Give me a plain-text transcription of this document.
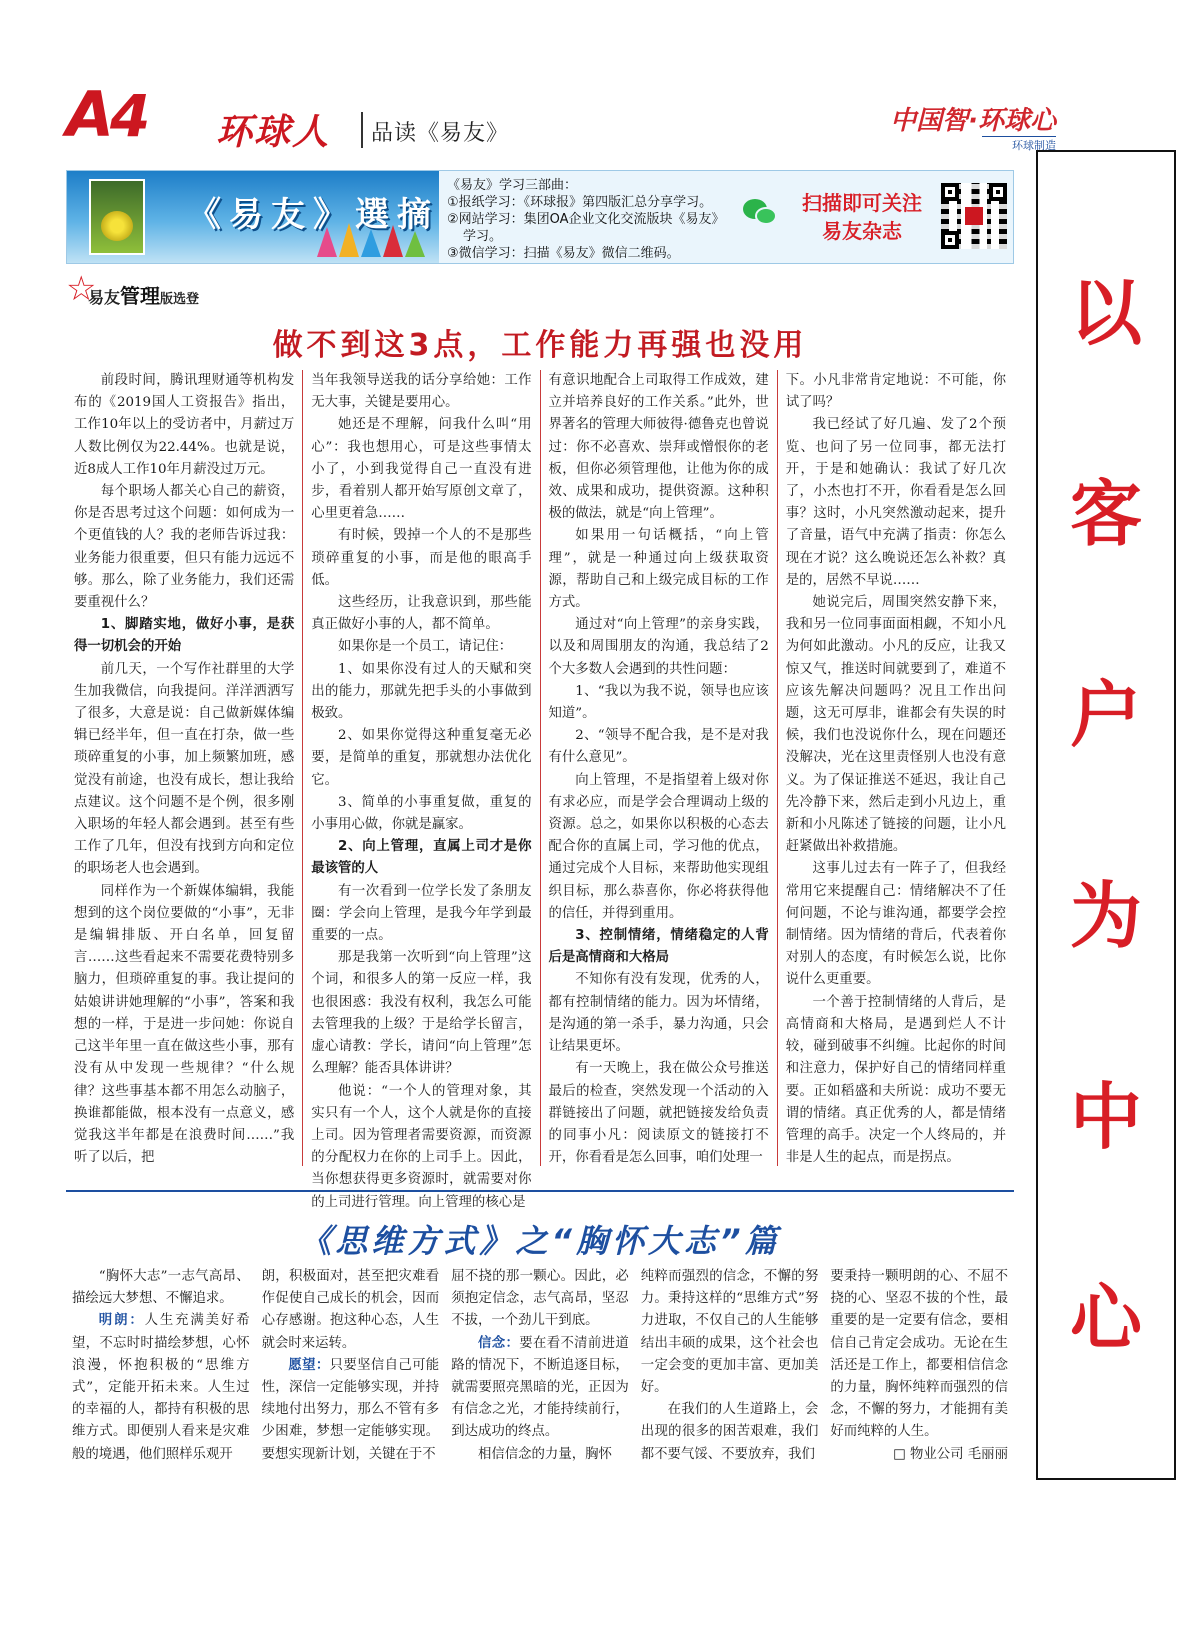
A4 环球人 品读《易友》	中国智·环球心
环球制造
以
客
户
为
中
心
《易友》選摘
《易友》学习三部曲：
①报纸学习：《环球报》第四版汇总分享学习。
②网站学习：集团OA企业文化交流版块《易友》
学习。
③微信学习：扫描《易友》微信二维码。
扫描即可关注
易友杂志
☆
易友管理版选登
做不到这3点，工作能力再强也没用

前段时间，腾讯理财通等机构发布的《2019国人工资报告》指出，工作10年以上的受访者中，月薪过万人数比例仅为22.44%。也就是说，近8成人工作10年月薪没过万元。

每个职场人都关心自己的薪资，你是否思考过这个问题：如何成为一个更值钱的人？我的老师告诉过我：业务能力很重要，但只有能力远远不够。那么，除了业务能力，我们还需要重视什么？

1、脚踏实地，做好小事，是获得一切机会的开始

前几天，一个写作社群里的大学生加我微信，向我提问。洋洋洒洒写了很多，大意是说：自己做新媒体编辑已经半年，但一直在打杂，做一些琐碎重复的小事，加上频繁加班，感觉没有前途，也没有成长，想让我给点建议。这个问题不是个例，很多刚入职场的年轻人都会遇到。甚至有些工作了几年，但没有找到方向和定位的职场老人也会遇到。

同样作为一个新媒体编辑，我能想到的这个岗位要做的“小事”，无非是编辑排版、开白名单，回复留言……这些看起来不需要花费特别多脑力，但琐碎重复的事。我让提问的姑娘讲讲她理解的“小事”，答案和我想的一样，于是进一步问她：你说自己这半年里一直在做这些小事，那有没有从中发现一些规律？“什么规律？这些事基本都不用怎么动脑子，换谁都能做，根本没有一点意义，感觉我这半年都是在浪费时间……”我听了以后，把

当年我领导送我的话分享给她：工作无大事，关键是要用心。

她还是不理解，问我什么叫“用心”：我也想用心，可是这些事情太小了，小到我觉得自己一直没有进步，看着别人都开始写原创文章了，心里更着急……

有时候，毁掉一个人的不是那些琐碎重复的小事，而是他的眼高手低。

这些经历，让我意识到，那些能真正做好小事的人，都不简单。

如果你是一个员工，请记住：

1、如果你没有过人的天赋和突出的能力，那就先把手头的小事做到极致。

2、如果你觉得这种重复毫无必要，是简单的重复，那就想办法优化它。

3、简单的小事重复做，重复的小事用心做，你就是赢家。

2、向上管理，直属上司才是你最该管的人

有一次看到一位学长发了条朋友圈：学会向上管理，是我今年学到最重要的一点。

那是我第一次听到“向上管理”这个词，和很多人的第一反应一样，我也很困惑：我没有权利，我怎么可能去管理我的上级？于是给学长留言，虚心请教：学长，请问“向上管理”怎么理解？能否具体讲讲？

他说：“一个人的管理对象，其实只有一个人，这个人就是你的直接上司。因为管理者需要资源，而资源的分配权力在你的上司手上。因此，当你想获得更多资源时，就需要对你的上司进行管理。向上管理的核心是

有意识地配合上司取得工作成效，建立并培养良好的工作关系。”此外，世界著名的管理大师彼得·德鲁克也曾说过：你不必喜欢、崇拜或憎恨你的老板，但你必须管理他，让他为你的成效、成果和成功，提供资源。这种积极的做法，就是“向上管理”。

如果用一句话概括，“向上管理”，就是一种通过向上级获取资源，帮助自己和上级完成目标的工作方式。

通过对“向上管理”的亲身实践，以及和周围朋友的沟通，我总结了2个大多数人会遇到的共性问题：

1、“我以为我不说，领导也应该知道”。

2、“领导不配合我，是不是对我有什么意见”。

向上管理，不是指望着上级对你有求必应，而是学会合理调动上级的资源。总之，如果你以积极的心态去配合你的直属上司，学习他的优点，通过完成个人目标，来帮助他实现组织目标，那么恭喜你，你必将获得他的信任，并得到重用。

3、控制情绪，情绪稳定的人背后是高情商和大格局

不知你有没有发现，优秀的人，都有控制情绪的能力。因为坏情绪，是沟通的第一杀手，暴力沟通，只会让结果更坏。

有一天晚上，我在做公众号推送最后的检查，突然发现一个活动的入群链接出了问题，就把链接发给负责的同事小凡：阅读原文的链接打不开，你看看是怎么回事，咱们处理一

下。小凡非常肯定地说：不可能，你试了吗？

我已经试了好几遍、发了2个预览、也问了另一位同事，都无法打开，于是和她确认：我试了好几次了，小杰也打不开，你看看是怎么回事？这时，小凡突然激动起来，提升了音量，语气中充满了指责：你怎么现在才说？这么晚说还怎么补救？真是的，居然不早说……

她说完后，周围突然安静下来，我和另一位同事面面相觑，不知小凡为何如此激动。小凡的反应，让我又惊又气，推送时间就要到了，难道不应该先解决问题吗？况且工作出问题，这无可厚非，谁都会有失误的时候，我们也没说你什么，现在问题还没解决，光在这里责怪别人也没有意义。为了保证推送不延迟，我让自己先冷静下来，然后走到小凡边上，重新和小凡陈述了链接的问题，让小凡赶紧做出补救措施。

这事儿过去有一阵子了，但我经常用它来提醒自己：情绪解决不了任何问题，不论与谁沟通，都要学会控制情绪。因为情绪的背后，代表着你对别人的态度，有时候怎么说，比你说什么更重要。

一个善于控制情绪的人背后，是高情商和大格局，是遇到烂人不计较，碰到破事不纠缠。比起你的时间和注意力，保护好自己的情绪同样重要。正如稻盛和夫所说：成功不要无谓的情绪。真正优秀的人，都是情绪管理的高手。决定一个人终局的，并非是人生的起点，而是拐点。

《思维方式》之“胸怀大志”篇

“胸怀大志”一志气高昂、描绘远大梦想、不懈追求。

明朗：人生充满美好希望，不忘时时描绘梦想，心怀浪漫，怀抱积极的“思维方式”，定能开拓未来。人生过的幸福的人，都持有积极的思维方式。即便别人看来是灾难般的境遇，他们照样乐观开

朗，积极面对，甚至把灾难看作促使自己成长的机会，因而心存感谢。抱这种心态，人生就会时来运转。

愿望：只要坚信自己可能性，深信一定能够实现，并持续地付出努力，那么不管有多少困难，梦想一定能够实现。要想实现新计划，关键在于不

屈不挠的那一颗心。因此，必须抱定信念，志气高昂，坚忍不拔，一个劲儿干到底。

信念：要在看不清前进道路的情况下，不断追逐目标，就需要照亮黑暗的光，正因为有信念之光，才能持续前行，到达成功的终点。

相信信念的力量，胸怀

纯粹而强烈的信念，不懈的努力。秉持这样的“思维方式”努力进取，不仅自己的人生能够结出丰硕的成果，这个社会也一定会变的更加丰富、更加美好。

在我们的人生道路上，会出现的很多的困苦艰难，我们都不要气馁、不要放弃，我们

要秉持一颗明朗的心、不屈不挠的心、坚忍不拔的个性，最重要的是一定要有信念，要相信自己肯定会成功。无论在生活还是工作上，都要相信信念的力量，胸怀纯粹而强烈的信念，不懈的努力，才能拥有美好而纯粹的人生。

□ 物业公司 毛丽丽
